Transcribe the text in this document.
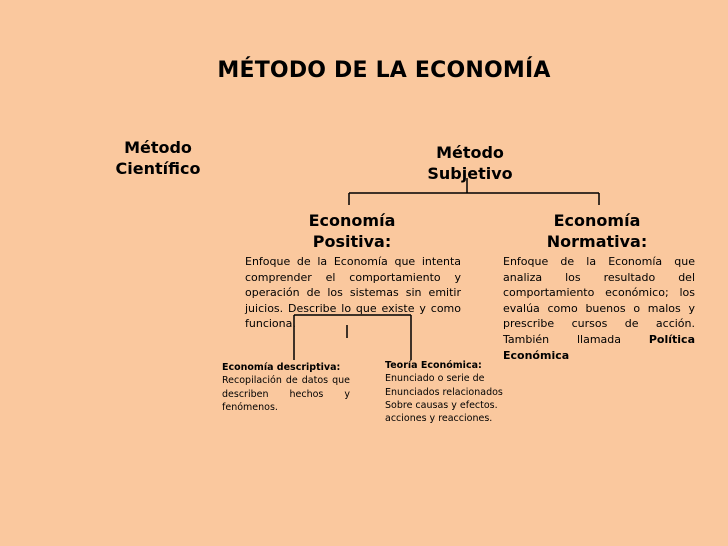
MÉTODO DE LA ECONOMÍA
Método Científico
Método Subjetivo
Economía Positiva:
Enfoque de la Economía que intenta comprender el comportamiento y operación de los sistemas sin emitir juicios. Describe lo que existe y como funciona.
Economía Normativa:
Enfoque de la Economía que analiza los resultado del comportamiento económico; los evalúa como buenos o malos y prescribe cursos de acción. También llamada	Política Económica
Economía descriptiva:
Recopilación de datos que describen hechos y fenómenos.
Teoría Económica:
Enunciado o serie de
Enunciados relacionados
Sobre causas y efectos.
acciones y reacciones.
